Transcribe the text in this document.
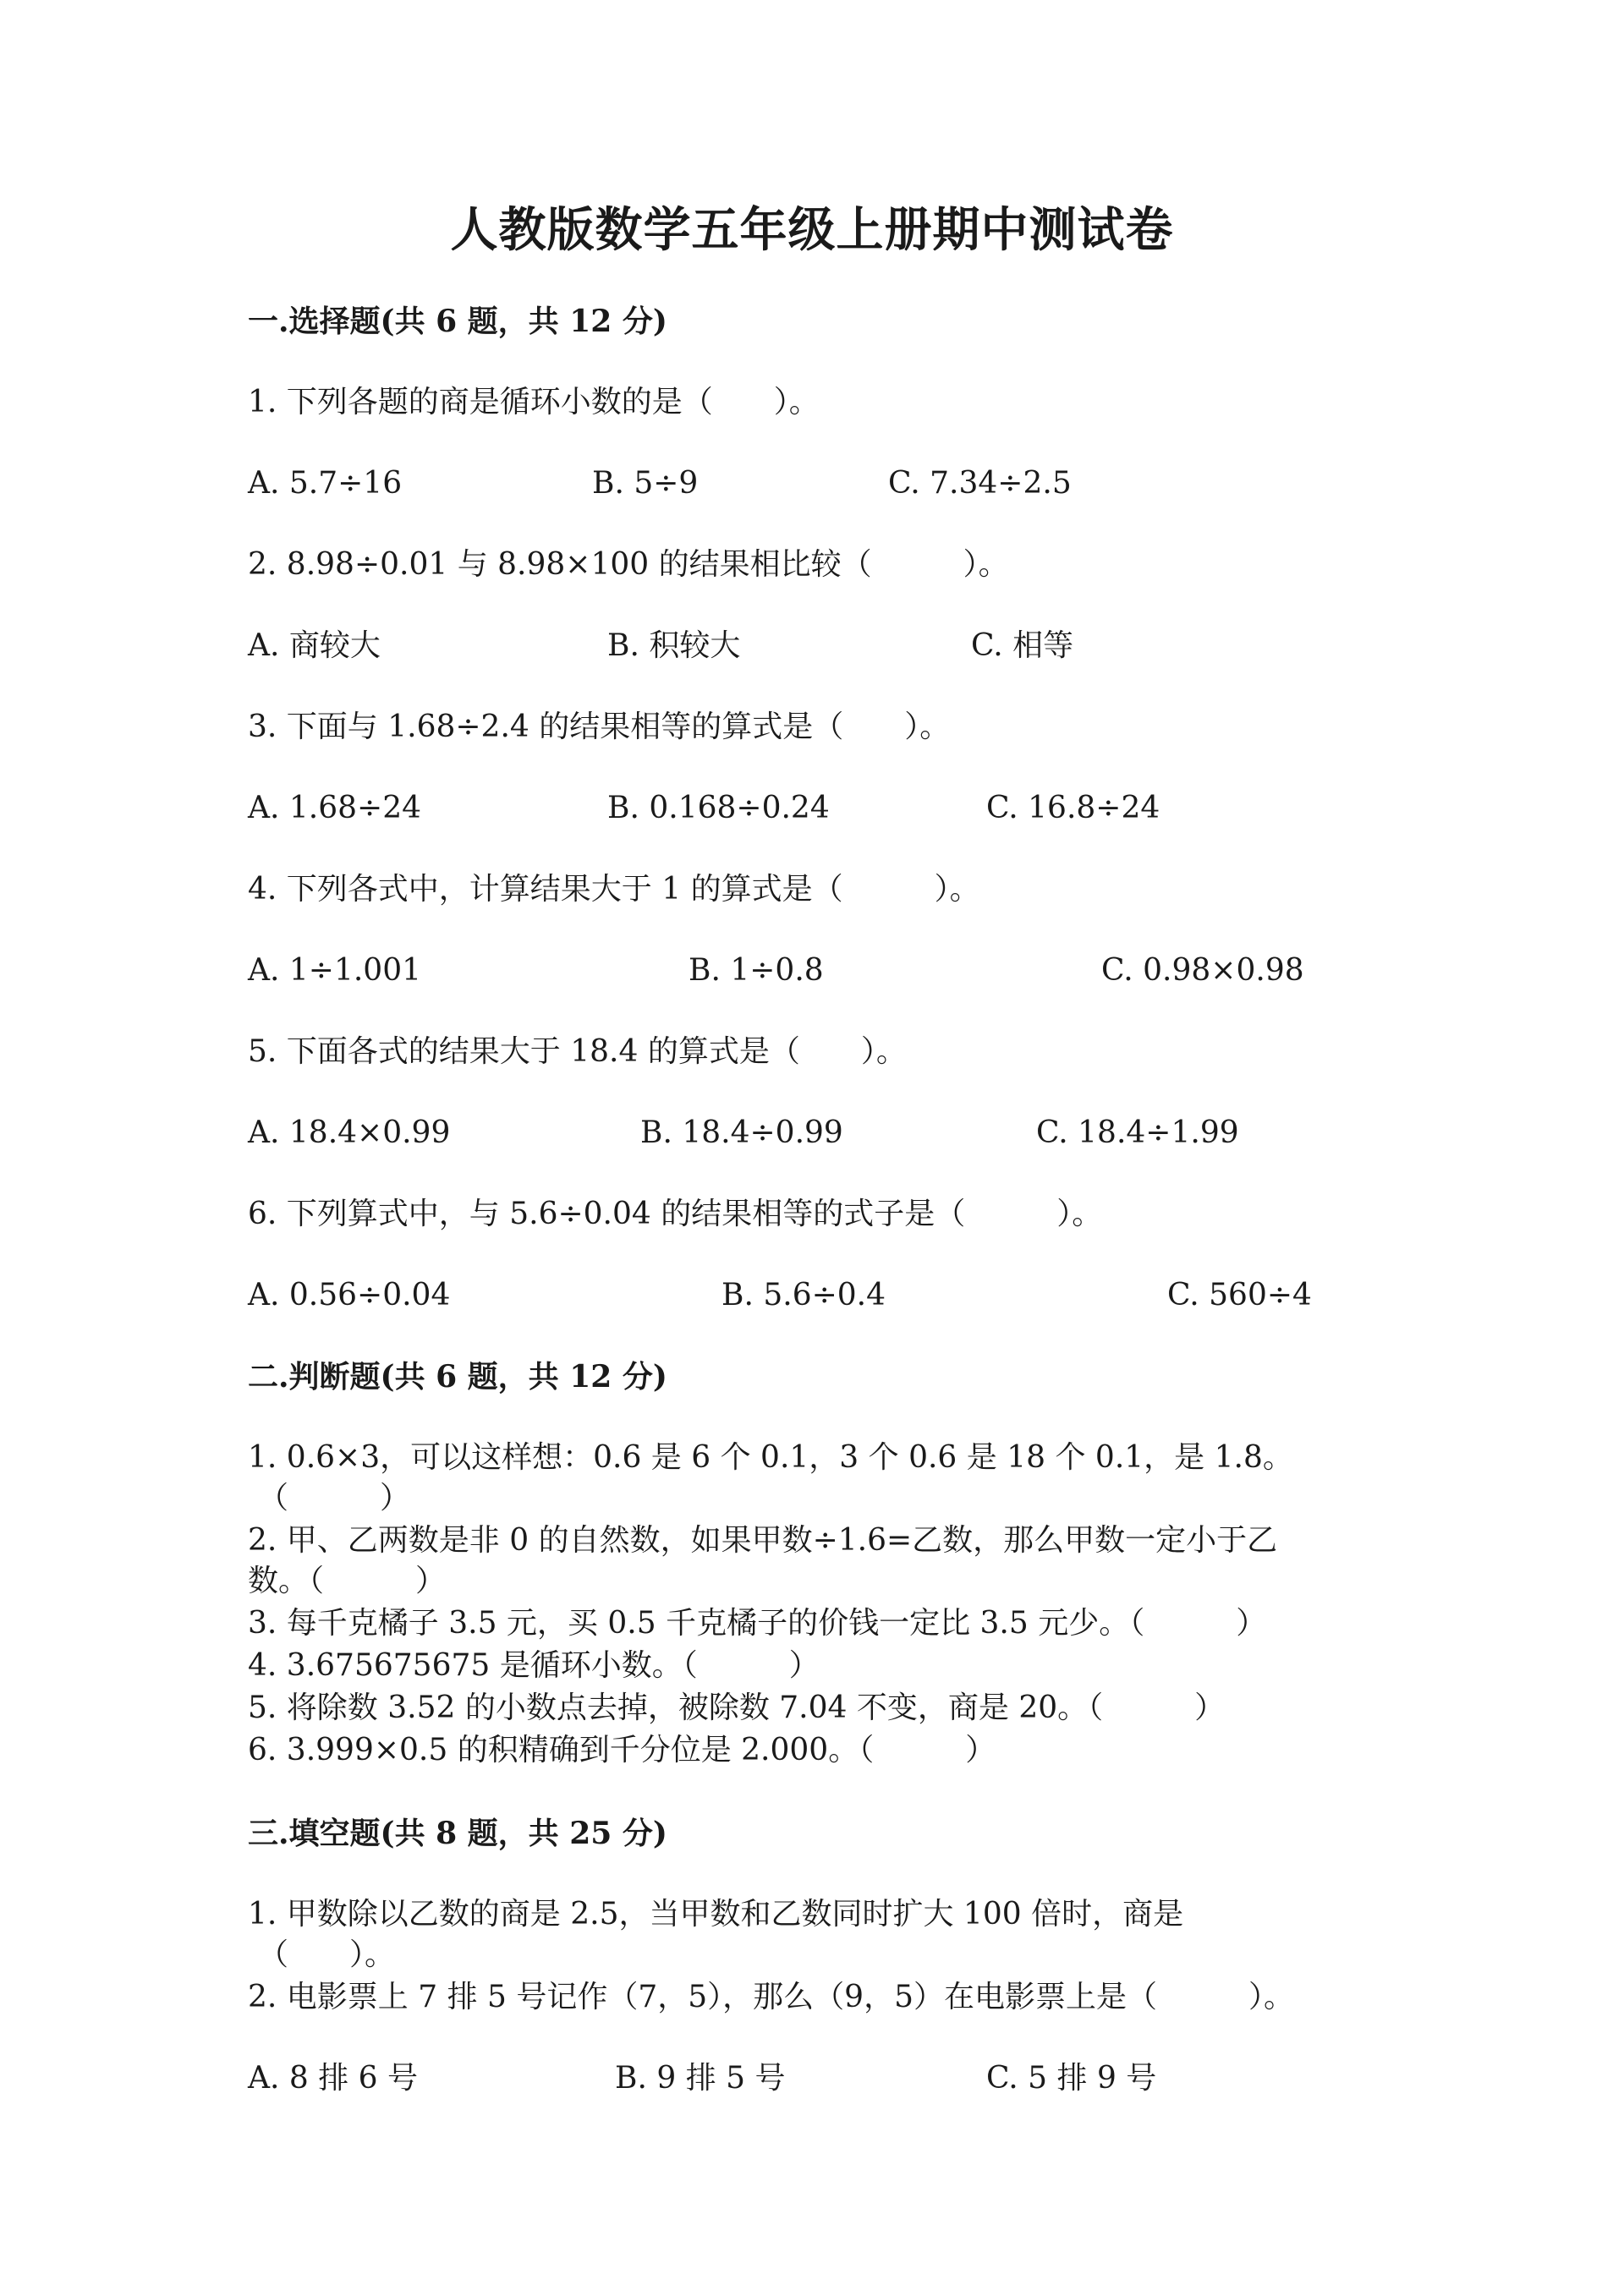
人教版数学五年级上册期中测试卷
一.选择题(共 6 题，共 12 分)
1. 下列各题的商是循环小数的是（　　）。
A. 5.7÷16	B. 5÷9	C. 7.34÷2.5
2. 8.98÷0.01 与 8.98×100 的结果相比较（　　　）。
A. 商较大	B. 积较大	C. 相等
3. 下面与 1.68÷2.4 的结果相等的算式是（　　）。
A. 1.68÷24	B. 0.168÷0.24	C. 16.8÷24
4. 下列各式中，计算结果大于 1 的算式是（　　　）。
A. 1÷1.001	B. 1÷0.8	C. 0.98×0.98
5. 下面各式的结果大于 18.4 的算式是（　　）。
A. 18.4×0.99	B. 18.4÷0.99	C. 18.4÷1.99
6. 下列算式中，与 5.6÷0.04 的结果相等的式子是（　　　）。
A. 0.56÷0.04	B. 5.6÷0.4	C. 560÷4
二.判断题(共 6 题，共 12 分)
1. 0.6×3，可以这样想：0.6 是 6 个 0.1，3 个 0.6 是 18 个 0.1，是 1.8。
（　　　）
2. 甲、乙两数是非 0 的自然数，如果甲数÷1.6=乙数，那么甲数一定小于乙
数。（　　　）
3. 每千克橘子 3.5 元，买 0.5 千克橘子的价钱一定比 3.5 元少。（　　　）
4. 3.675675675 是循环小数。（　　　）
5. 将除数 3.52 的小数点去掉，被除数 7.04 不变，商是 20。（　　　）
6. 3.999×0.5 的积精确到千分位是 2.000。（　　　）
三.填空题(共 8 题，共 25 分)
1. 甲数除以乙数的商是 2.5，当甲数和乙数同时扩大 100 倍时，商是
（　　）。
2. 电影票上 7 排 5 号记作（7，5），那么（9，5）在电影票上是（　　　）。
A. 8 排 6 号	B. 9 排 5 号	C. 5 排 9 号
